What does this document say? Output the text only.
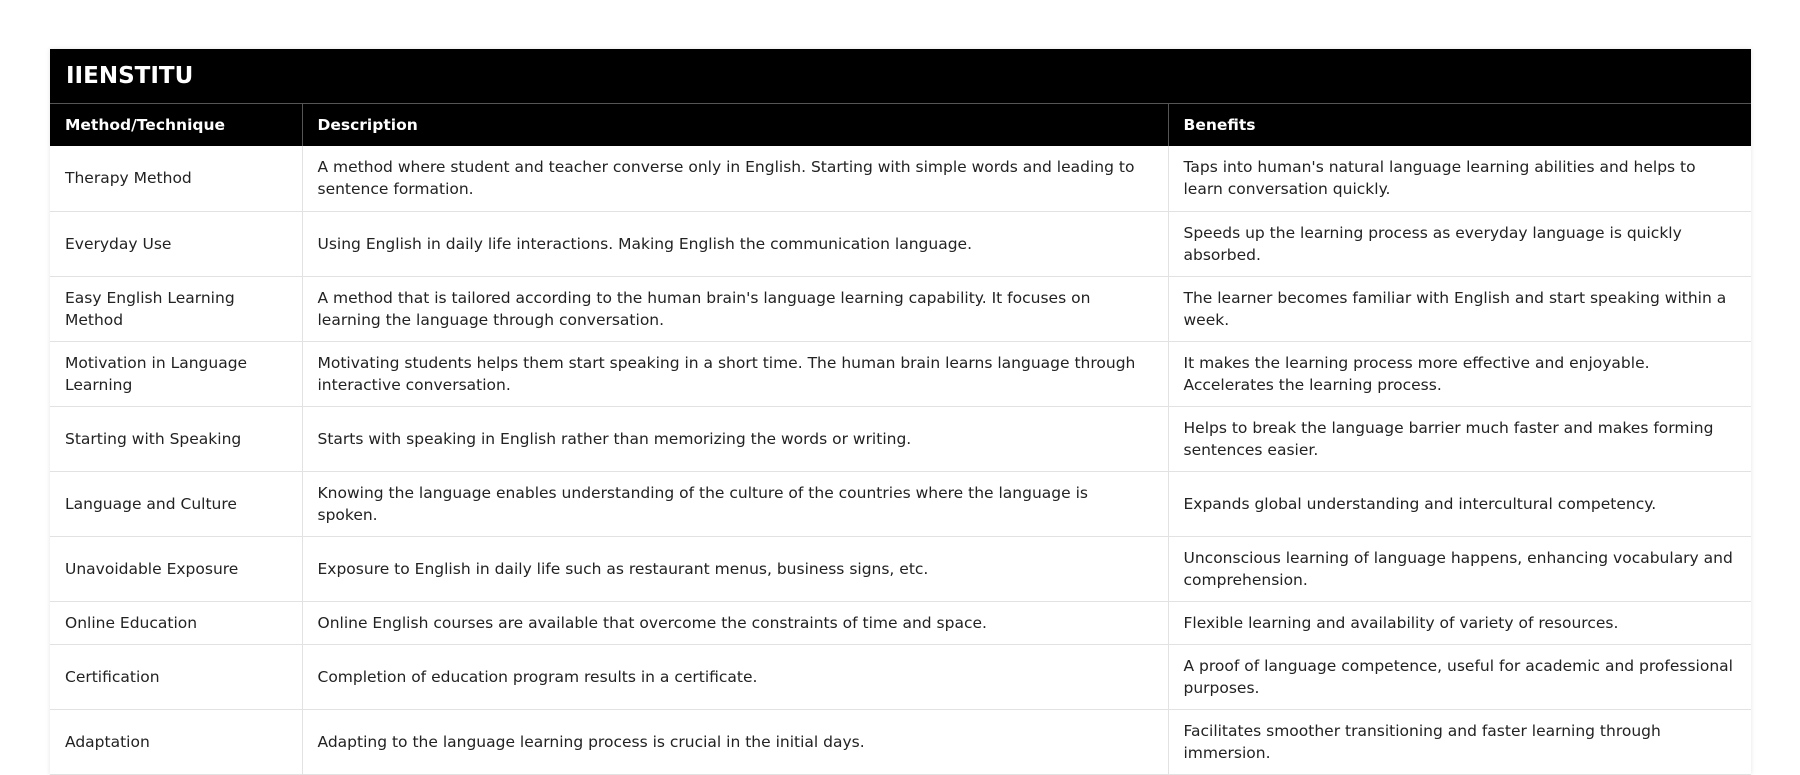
IIENSTITU
Method/Technique	Description	Benefits
Therapy Method	A method where student and teacher converse only in English. Starting with simple words and leading to sentence formation.	Taps into human's natural language learning abilities and helps to learn conversation quickly.
Everyday Use	Using English in daily life interactions. Making English the communication language.	Speeds up the learning process as everyday language is quickly absorbed.
Easy English Learning Method	A method that is tailored according to the human brain's language learning capability. It focuses on learning the language through conversation.	The learner becomes familiar with English and start speaking within a week.
Motivation in Language Learning	Motivating students helps them start speaking in a short time. The human brain learns language through interactive conversation.	It makes the learning process more effective and enjoyable. Accelerates the learning process.
Starting with Speaking	Starts with speaking in English rather than memorizing the words or writing.	Helps to break the language barrier much faster and makes forming sentences easier.
Language and Culture	Knowing the language enables understanding of the culture of the countries where the language is spoken.	Expands global understanding and intercultural competency.
Unavoidable Exposure	Exposure to English in daily life such as restaurant menus, business signs, etc.	Unconscious learning of language happens, enhancing vocabulary and comprehension.
Online Education	Online English courses are available that overcome the constraints of time and space.	Flexible learning and availability of variety of resources.
Certification	Completion of education program results in a certificate.	A proof of language competence, useful for academic and professional purposes.
Adaptation	Adapting to the language learning process is crucial in the initial days.	Facilitates smoother transitioning and faster learning through immersion.
